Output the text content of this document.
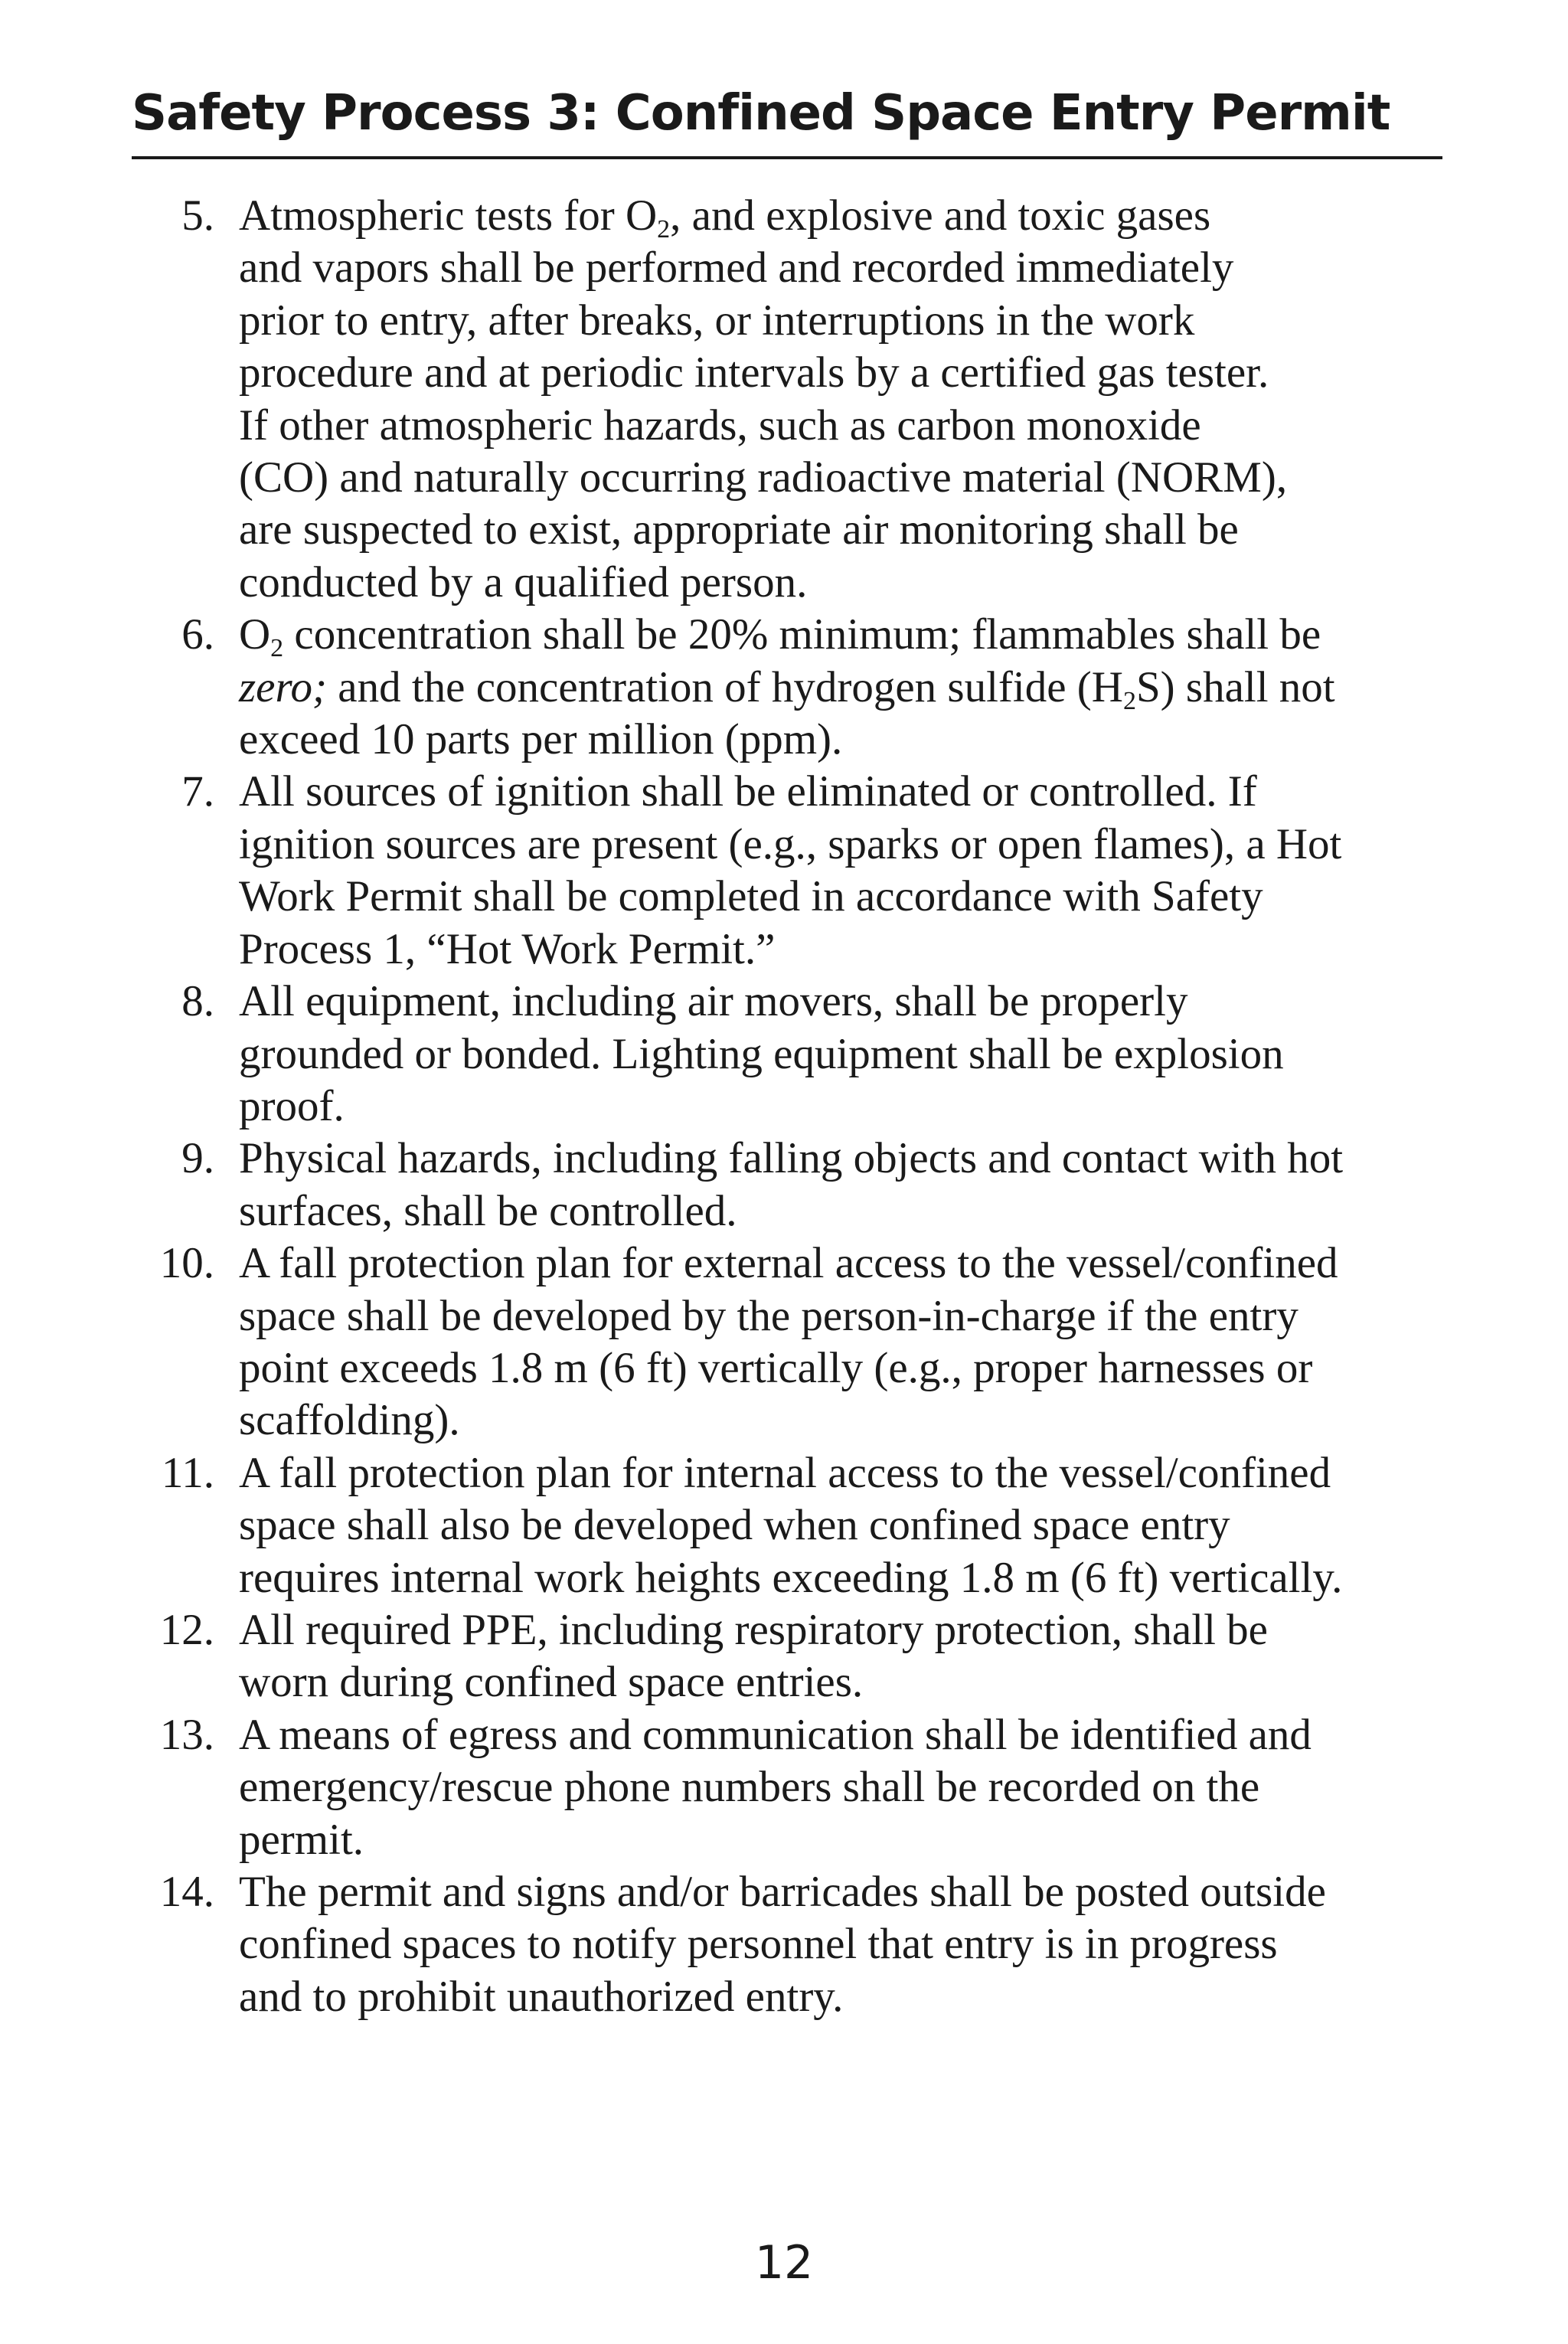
Safety Process 3: Confined Space Entry Permit
5. Atmospheric tests for $O_2$, and explosive and toxic gases
and vapors shall be performed and recorded immediately
prior to entry, after breaks, or interruptions in the work
procedure and at periodic intervals by a certified gas tester.
If other atmospheric hazards, such as carbon monoxide
(CO) and naturally occurring radioactive material (NORM),
are suspected to exist, appropriate air monitoring shall be
conducted by a qualified person.
6. $O_2$ concentration shall be 20% minimum; flammables shall be
zero; and the concentration of hydrogen sulfide $(H_2S)$ shall not
exceed 10 parts per million (ppm).
7. All sources of ignition shall be eliminated or controlled. If
ignition sources are present (e.g., sparks or open flames), a Hot
Work Permit shall be completed in accordance with Safety
Process 1, “Hot Work Permit.”
8. All equipment, including air movers, shall be properly
grounded or bonded. Lighting equipment shall be explosion
proof.
9. Physical hazards, including falling objects and contact with hot
surfaces, shall be controlled.
10. A fall protection plan for external access to the vessel/confined
space shall be developed by the person-in-charge if the entry
point exceeds 1.8 m (6 ft) vertically (e.g., proper harnesses or
scaffolding).
11. A fall protection plan for internal access to the vessel/confined
space shall also be developed when confined space entry
requires internal work heights exceeding 1.8 m (6 ft) vertically.
12. All required PPE, including respiratory protection, shall be
worn during confined space entries.
13. A means of egress and communication shall be identified and
emergency/rescue phone numbers shall be recorded on the
permit.
14. The permit and signs and/or barricades shall be posted outside
confined spaces to notify personnel that entry is in progress
and to prohibit unauthorized entry.
12
